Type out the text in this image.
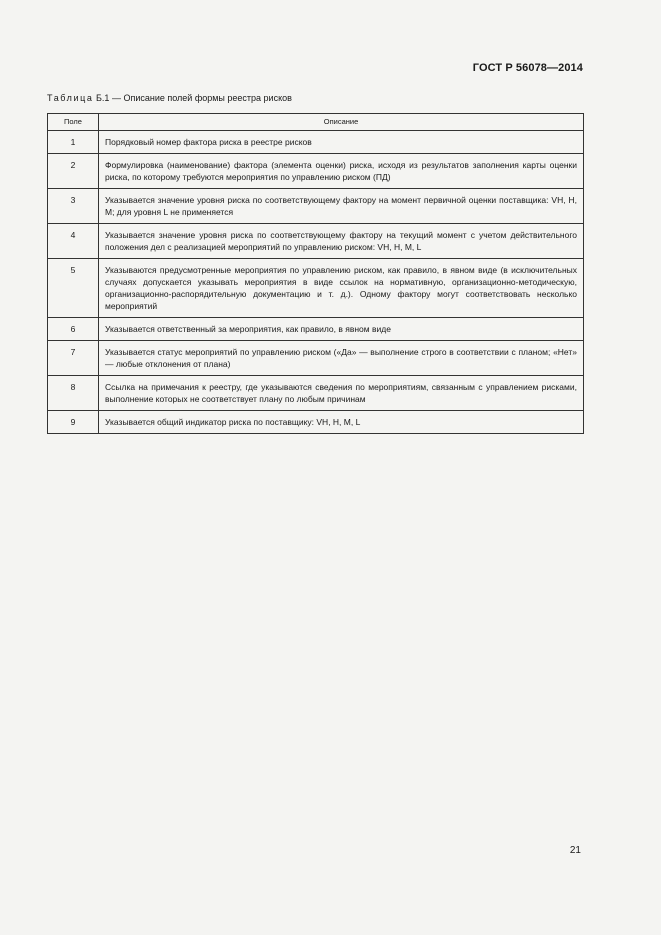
ГОСТ Р 56078—2014
Таблица Б.1 — Описание полей формы реестра рисков
Поле	Описание
1	Порядковый номер фактора риска в реестре рисков
2	Формулировка (наименование) фактора (элемента оценки) риска, исходя из результатов заполнения карты оценки риска, по которому требуются мероприятия по управлению риском (ПД)
3	Указывается значение уровня риска по соответствующему фактору на момент первичной оценки поставщика: VH, H, M; для уровня L не применяется
4	Указывается значение уровня риска по соответствующему фактору на текущий момент с учетом действительного положения дел с реализацией мероприятий по управлению риском: VH, H, M, L
5	Указываются предусмотренные мероприятия по управлению риском, как правило, в явном виде (в исключительных случаях допускается указывать мероприятия в виде ссылок на нормативную, организационно-методическую, организационно-распорядительную документацию и т. д.). Одному фактору могут соответствовать несколько мероприятий
6	Указывается ответственный за мероприятия, как правило, в явном виде
7	Указывается статус мероприятий по управлению риском («Да» — выполнение строго в соответствии с планом; «Нет» — любые отклонения от плана)
8	Ссылка на примечания к реестру, где указываются сведения по мероприятиям, связанным с управлением рисками, выполнение которых не соответствует плану по любым причинам
9	Указывается общий индикатор риска по поставщику: VH, H, M, L
21
